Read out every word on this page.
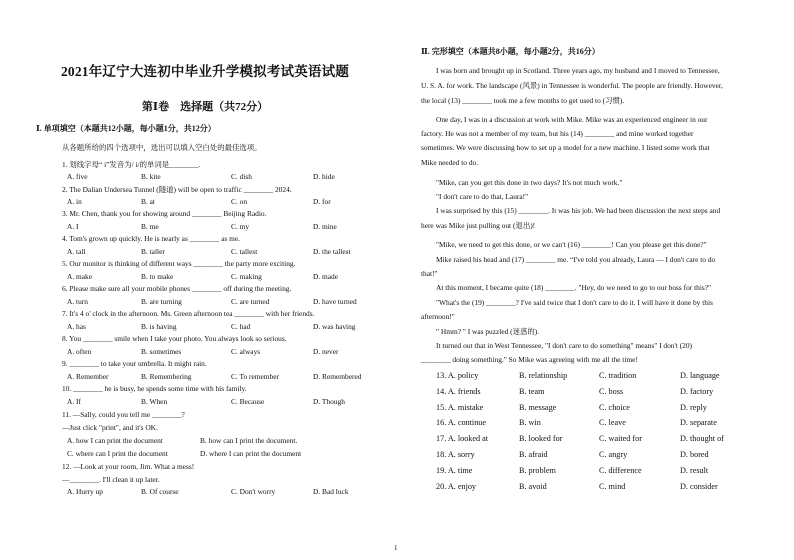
2021年辽宁大连初中毕业升学模拟考试英语试题
第Ⅰ卷　选择题（共72分）
Ⅰ. 单项填空（本题共12小题，每小题1分，共12分）
从各题所给的四个选项中，选出可以填入空白处的最佳选项。
1. 划线字母“ i”发音为/ i/的单词是________.
A. five	B. kite	C. dish	D. hide
2. The Dalian Undersea Tunnel (隧道) will be open to traffic ________ 2024.
A. in	B. at	C. on	D. for
3. Mr. Chen, thank you for showing around ________ Beijing Radio.
A. I	B. me	C. my	D. mine
4. Tom's grown up quickly. He is nearly as ________ as me.
A. tall	B. taller	C. tallest	D. the tallest
5. Our monitor is thinking of different ways ________ the party more exciting.
A. make	B. to make	C. making	D. made
6. Please make sure all your mobile phones ________ off during the meeting.
A. turn	B. are turning	C. are turned	D. have turned
7. It's 4 o' clock in the afternoon. Ms. Green afternoon tea ________ with her friends.
A. has	B. is having	C. had	D. was having
8. You ________ smile when I take your photo. You always look so serious.
A. often	B. sometimes	C. always	D. never
9. ________ to take your umbrella. It might rain.
A. Remember	B. Remembering	C. To remember	D. Remembered
10. ________ he is busy, he spends some time with his family.
A. If	B. When	C. Because	D. Though
11. —Sally, could you tell me ________?
—Just click "print", and it's OK.
A. how I can print the document	B. how can I print the document.
C. where can I print the document	D. where I can print the document
12. —Look at your room, Jim. What a mess!
—________. I'll clean it up later.
A. Hurry up	B. Of course	C. Don't worry	D. Bad luck
Ⅱ. 完形填空（本题共8小题，每小题2分，共16分）
I was born and brought up in Scotland. Three years ago, my husband and I moved to Tennessee,
U. S. A. for work. The landscape (风景) in Tennessee is wonderful. The people are friendly. However,
the local (13) ________ took me a few months to get used to (习惯).
One day, I was in a discussion at work with Mike. Mike was an experienced engineer in our
factory. He was not a member of my team, but his (14) ________ and mine worked together
sometimes. We were discussing how to set up a model for a new machine. I listed some work that
Mike needed to do.
"Mike, can you get this done in two days? It's not much work."
"I don't care to do that, Laura!"
I was surprised by this (15) ________. It was his job. We had been discussion the next steps and
here was Mike just pulling out (退出)!
"Mike, we need to get this done, or we can't (16) ________! Can you please get this done?"
Mike raised his head and (17) ________ me. “I've told you already, Laura — I don't care to do
that!"
At this moment, I became quite (18) ________. "Hey, do we need to go to our boss for this?"
"What's the (19) ________? I've said twice that I don't care to do it. I will have it done by this
afternoon!"
" Hmm? " I was puzzled (迷惑的).
It turned out that in West Tennessee, "I don't care to do something" means" I don't (20)
________ doing something." So Mike was agreeing with me all the time!
13. A. policy	B. relationship	C. tradition	D. language
14. A. friends	B. team	C. boss	D. factory
15. A. mistake	B. message	C. choice	D. reply
16. A. continue	B. win	C. leave	D. separate
17. A. looked at	B. looked for	C. waited for	D. thought of
18. A. sorry	B. afraid	C. angry	D. bored
19. A. time	B. problem	C. difference	D. result
20. A. enjoy	B. avoid	C. mind	D. consider
1
